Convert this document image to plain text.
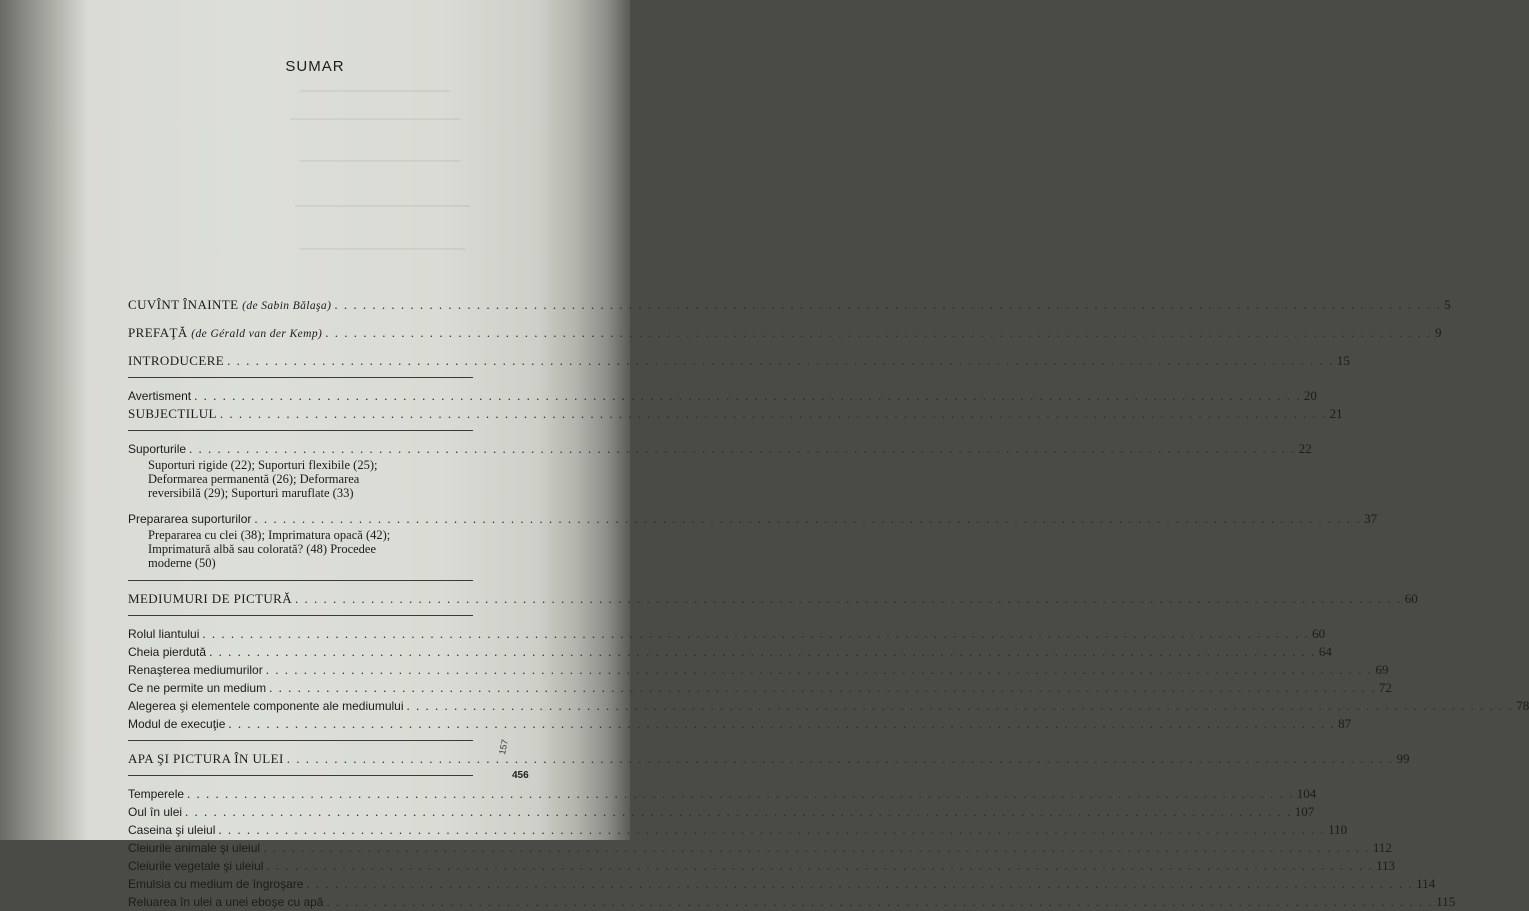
SUMAR
CUVÎNT ÎNAINTE (de Sabin Bălaşa) . . .	5
PREFAŢĂ (de Gérald van der Kemp) . . .	9
INTRODUCERE . . .	15
Avertisment . . .	20
SUBJECTILUL . . .	21
Suporturile . . .	22
Suporturi rigide (22); Suporturi flexibile (25);
Deformarea permanentă (26); Deformarea
reversibilă (29); Suporturi maruflate (33)
Prepararea suporturilor . . .	37
Prepararea cu clei (38); Imprimatura opacă (42);
Imprimatură albă sau colorată? (48) Procedee
moderne (50)
MEDIUMURI DE PICTURĂ . . .	60
Rolul liantului . . .	60
Cheia pierdută . . .	64
Renaşterea mediumurilor . . .	69
Ce ne permite un medium . . .	72
Alegerea şi elementele componente ale mediumului . . .	78
Modul de execuţie . . .	87
APA ŞI PICTURA ÎN ULEI . . .	99
Temperele . . .	104
Oul în ulei . . .	107
Caseina şi uleiul . . .	110
Cleiurile animale şi uleiul . . .	112
Cleiurile vegetale şi uleiul . . .	113
Emulsia cu medium de îngroşare . . .	114
Reluarea în ulei a unei eboşe cu apă . . .	115
157
456
